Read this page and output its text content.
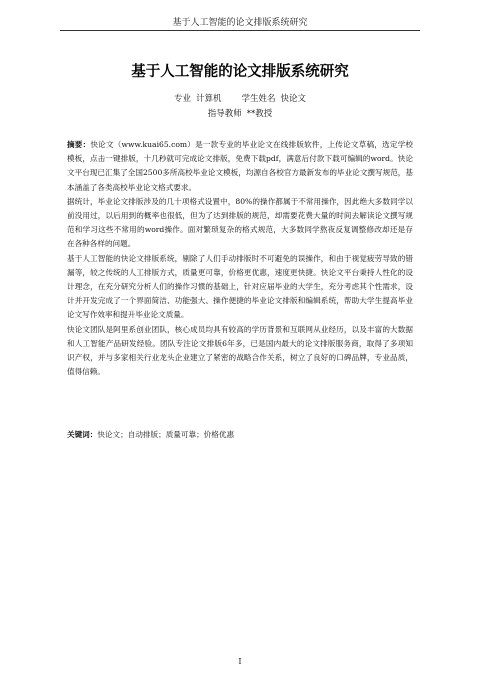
基于人工智能的论文排版系统研究
基于人工智能的论文排版系统研究
专业 计算机 学生姓名 快论文
指导教师 **教授

摘要：快论文（www.kuai65.com）是一款专业的毕业论文在线排版软件，上传论文草稿，选定学校模板，点击一键排版，十几秒就可完成论文排版，免费下载pdf，满意后付款下载可编辑的word。快论文平台现已汇集了全国2500多所高校毕业论文模板，均源自各校官方最新发布的毕业论文撰写规范，基本涵盖了各类高校毕业论文格式要求。

据统计，毕业论文排版涉及的几十项格式设置中，80%的操作都属于不常用操作，因此绝大多数同学以前没用过，以后用到的概率也很低，但为了达到排版的规范，却需要花费大量的时间去解读论文撰写规范和学习这些不常用的word操作。面对繁琐复杂的格式规范，大多数同学熬夜反复调整修改却还是存在各种各样的问题。

基于人工智能的快论文排版系统，剔除了人们手动排版时不可避免的误操作，和由于视觉疲劳导致的错漏等，较之传统的人工排版方式，质量更可靠，价格更优惠，速度更快捷。快论文平台秉持人性化的设计理念，在充分研究分析人们的操作习惯的基础上，针对应届毕业的大学生，充分考虑其个性需求，设计并开发完成了一个界面简洁、功能强大、操作便捷的毕业论文排版和编辑系统，帮助大学生提高毕业论文写作效率和提升毕业论文质量。

快论文团队是阿里系创业团队，核心成员均具有较高的学历背景和互联网从业经历，以及丰富的大数据和人工智能产品研发经验。团队专注论文排版6年多，已是国内最大的论文排版服务商，取得了多项知识产权，并与多家相关行业龙头企业建立了紧密的战略合作关系，树立了良好的口碑品牌，专业品质，值得信赖。

关键词：快论文；自动排版；质量可靠；价格优惠
I
